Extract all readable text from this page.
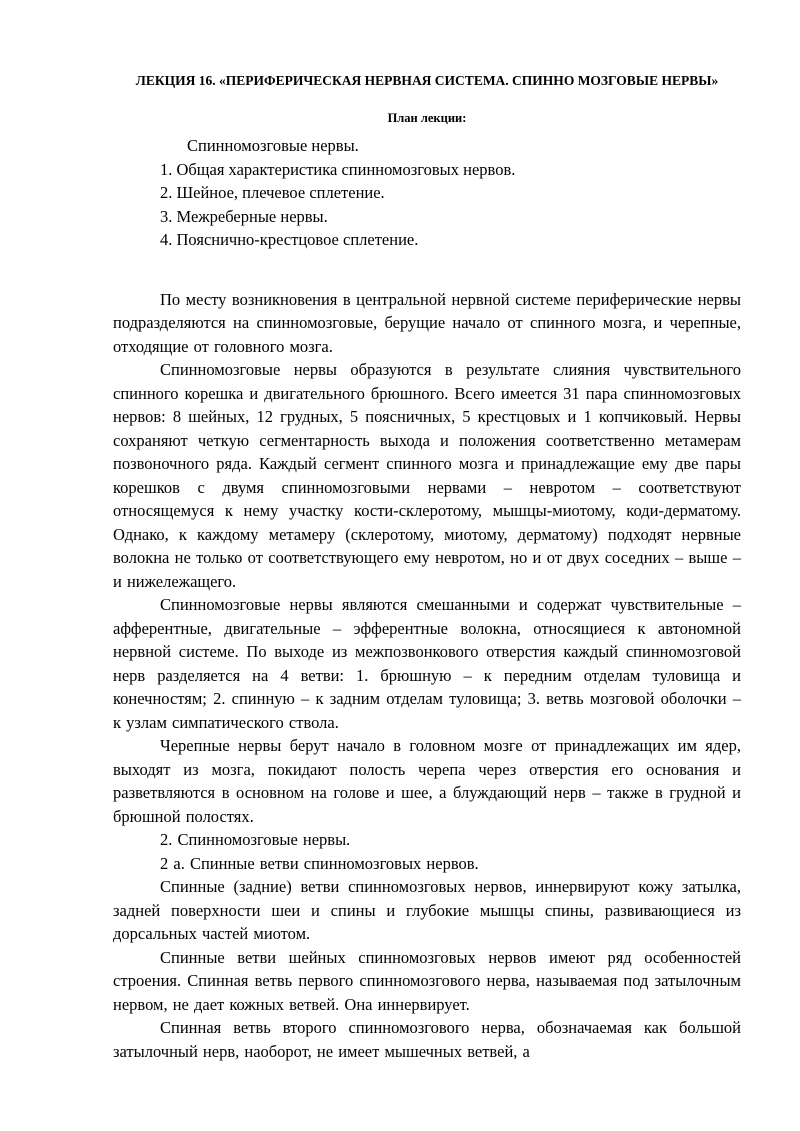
ЛЕКЦИЯ 16. «ПЕРИФЕРИЧЕСКАЯ НЕРВНАЯ СИСТЕМА. СПИННО МОЗГОВЫЕ НЕРВЫ»
План лекции:

Спинномозговые нервы.

1. Общая характеристика спинномозговых нервов.

2. Шейное, плечевое сплетение.

3. Межреберные нервы.

4. Пояснично-крестцовое сплетение.

По месту возникновения в центральной нервной системе периферические нервы подразделяются на спинномозговые, берущие начало от спинного мозга, и черепные, отходящие от головного мозга.

Спинномозговые нервы образуются в результате слияния чувствительного спинного корешка и двигательного брюшного. Всего имеется 31 пара спинномозговых нервов: 8 шейных, 12 грудных, 5 поясничных, 5 крестцовых и 1 копчиковый. Нервы сохраняют четкую сегментарность выхода и положения соответственно метамерам позвоночного ряда. Каждый сегмент спинного мозга и принадлежащие ему две пары корешков с двумя спинномозговыми нервами – невротом – соответствуют относящемуся к нему участку кости-склеротому, мышцы-миотому, коди-дерматому. Однако, к каждому метамеру (склеротому, миотому, дерматому) подходят нервные волокна не только от соответствующего ему невротом, но и от двух соседних – выше – и нижележащего.

Спинномозговые нервы являются смешанными и содержат чувствительные – афферентные, двигательные – эфферентные волокна, относящиеся к автономной нервной системе. По выходе из межпозвонкового отверстия каждый спинномозговой нерв разделяется на 4 ветви: 1. брюшную – к передним отделам туловища и конечностям; 2. спинную – к задним отделам туловища; 3. ветвь мозговой оболочки – к узлам симпатического ствола.

Черепные нервы берут начало в головном мозге от принадлежащих им ядер, выходят из мозга, покидают полость черепа через отверстия его основания и разветвляются в основном на голове и шее, а блуждающий нерв – также в грудной и брюшной полостях.

2. Спинномозговые нервы.

2 а. Спинные ветви спинномозговых нервов.

Спинные (задние) ветви спинномозговых нервов, иннервируют кожу затылка, задней поверхности шеи и спины и глубокие мышцы спины, развивающиеся из дорсальных частей миотом.

Спинные ветви шейных спинномозговых нервов имеют ряд особенностей строения. Спинная ветвь первого спинномозгового нерва, называемая под затылочным нервом, не дает кожных ветвей. Она иннервирует.

Спинная ветвь второго спинномозгового нерва, обозначаемая как большой затылочный нерв, наоборот, не имеет мышечных ветвей, а
